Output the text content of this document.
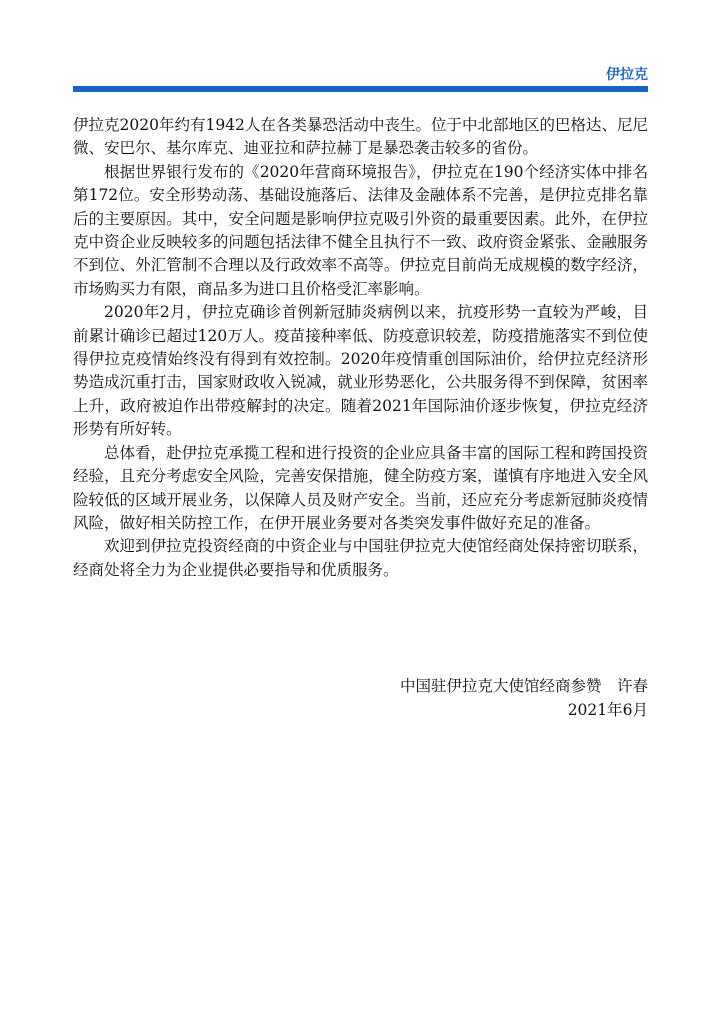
伊拉克

伊拉克2020年约有1942人在各类暴恐活动中丧生。位于中北部地区的巴格达、尼尼微、安巴尔、基尔库克、迪亚拉和萨拉赫丁是暴恐袭击较多的省份。

根据世界银行发布的《2020年营商环境报告》，伊拉克在190个经济实体中排名第172位。安全形势动荡、基础设施落后、法律及金融体系不完善，是伊拉克排名靠后的主要原因。其中，安全问题是影响伊拉克吸引外资的最重要因素。此外，在伊拉克中资企业反映较多的问题包括法律不健全且执行不一致、政府资金紧张、金融服务不到位、外汇管制不合理以及行政效率不高等。伊拉克目前尚无成规模的数字经济，市场购买力有限，商品多为进口且价格受汇率影响。

2020年2月，伊拉克确诊首例新冠肺炎病例以来，抗疫形势一直较为严峻，目前累计确诊已超过120万人。疫苗接种率低、防疫意识较差，防疫措施落实不到位使得伊拉克疫情始终没有得到有效控制。2020年疫情重创国际油价，给伊拉克经济形势造成沉重打击，国家财政收入锐减，就业形势恶化，公共服务得不到保障，贫困率上升，政府被迫作出带疫解封的决定。随着2021年国际油价逐步恢复，伊拉克经济形势有所好转。

总体看，赴伊拉克承揽工程和进行投资的企业应具备丰富的国际工程和跨国投资经验，且充分考虑安全风险，完善安保措施，健全防疫方案，谨慎有序地进入安全风险较低的区域开展业务，以保障人员及财产安全。当前，还应充分考虑新冠肺炎疫情风险，做好相关防控工作，在伊开展业务要对各类突发事件做好充足的准备。

欢迎到伊拉克投资经商的中资企业与中国驻伊拉克大使馆经商处保持密切联系，经商处将全力为企业提供必要指导和优质服务。

中国驻伊拉克大使馆经商参赞　许春
2021年6月
